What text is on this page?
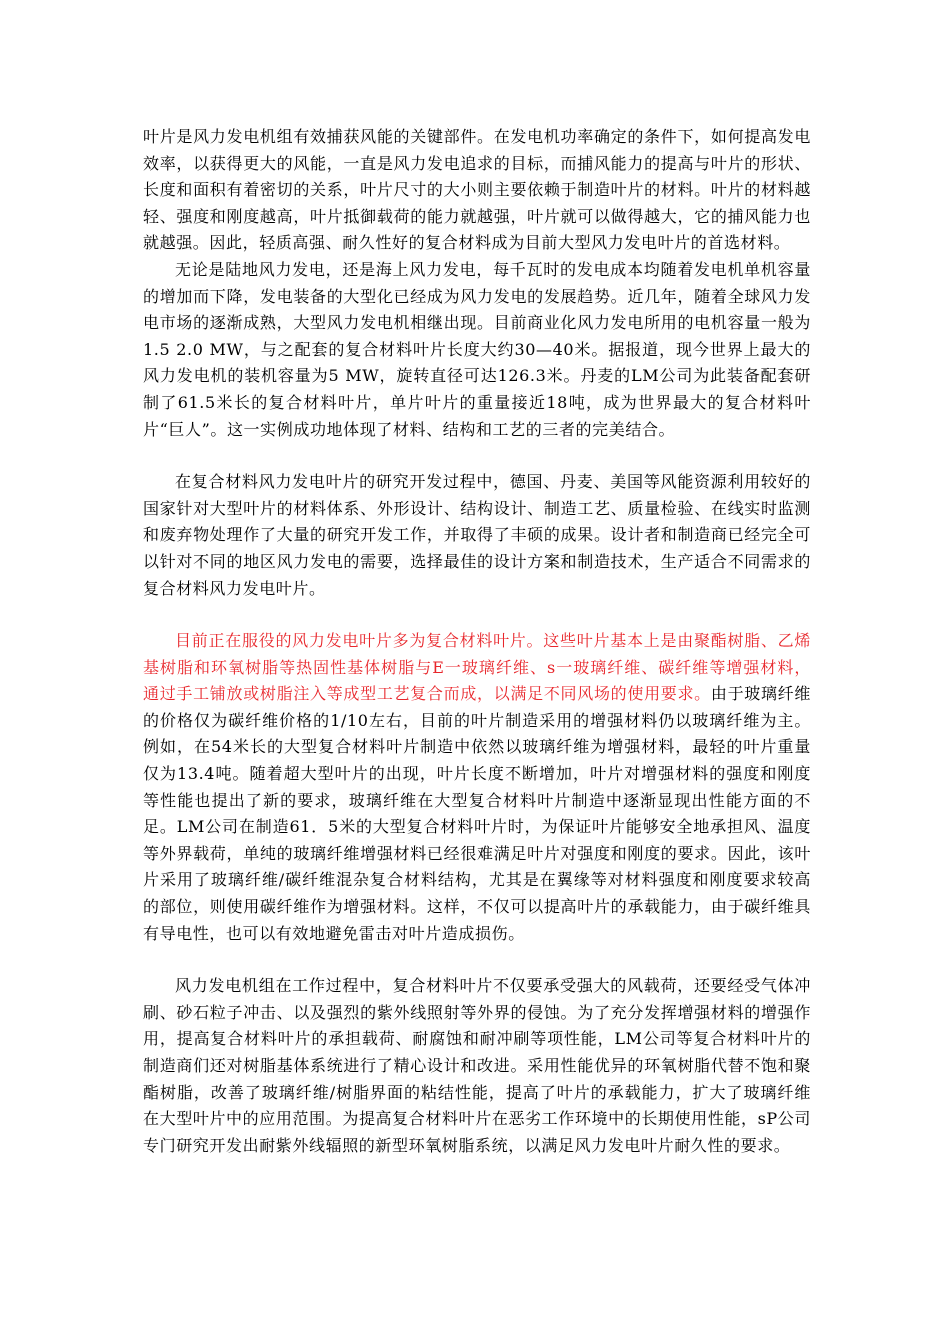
叶片是风力发电机组有效捕获风能的关键部件。在发电机功率确定的条件下，如何提高发电效率，以获得更大的风能，一直是风力发电追求的目标，而捕风能力的提高与叶片的形状、长度和面积有着密切的关系，叶片尺寸的大小则主要依赖于制造叶片的材料。叶片的材料越轻、强度和刚度越高，叶片抵御载荷的能力就越强，叶片就可以做得越大，它的捕风能力也就越强。因此，轻质高强、耐久性好的复合材料成为目前大型风力发电叶片的首选材料。

无论是陆地风力发电，还是海上风力发电，每千瓦时的发电成本均随着发电机单机容量的增加而下降，发电装备的大型化已经成为风力发电的发展趋势。近几年，随着全球风力发电市场的逐渐成熟，大型风力发电机相继出现。目前商业化风力发电所用的电机容量一般为1.5 2.0 MW，与之配套的复合材料叶片长度大约30—40米。据报道，现今世界上最大的风力发电机的装机容量为5 MW，旋转直径可达126.3米。丹麦的LM公司为此装备配套研制了61.5米长的复合材料叶片，单片叶片的重量接近18吨，成为世界最大的复合材料叶片“巨人”。这一实例成功地体现了材料、结构和工艺的三者的完美结合。

在复合材料风力发电叶片的研究开发过程中，德国、丹麦、美国等风能资源利用较好的国家针对大型叶片的材料体系、外形设计、结构设计、制造工艺、质量检验、在线实时监测和废弃物处理作了大量的研究开发工作，并取得了丰硕的成果。设计者和制造商已经完全可以针对不同的地区风力发电的需要，选择最佳的设计方案和制造技术，生产适合不同需求的复合材料风力发电叶片。

目前正在服役的风力发电叶片多为复合材料叶片。这些叶片基本上是由聚酯树脂、乙烯基树脂和环氧树脂等热固性基体树脂与E一玻璃纤维、s一玻璃纤维、碳纤维等增强材料，通过手工铺放或树脂注入等成型工艺复合而成，以满足不同风场的使用要求。由于玻璃纤维的价格仅为碳纤维价格的1/10左右，目前的叶片制造采用的增强材料仍以玻璃纤维为主。例如，在54米长的大型复合材料叶片制造中依然以玻璃纤维为增强材料，最轻的叶片重量仅为13.4吨。随着超大型叶片的出现，叶片长度不断增加，叶片对增强材料的强度和刚度等性能也提出了新的要求，玻璃纤维在大型复合材料叶片制造中逐渐显现出性能方面的不足。LM公司在制造61．5米的大型复合材料叶片时，为保证叶片能够安全地承担风、温度等外界载荷，单纯的玻璃纤维增强材料已经很难满足叶片对强度和刚度的要求。因此，该叶片采用了玻璃纤维/碳纤维混杂复合材料结构，尤其是在翼缘等对材料强度和刚度要求较高的部位，则使用碳纤维作为增强材料。这样，不仅可以提高叶片的承载能力，由于碳纤维具有导电性，也可以有效地避免雷击对叶片造成损伤。

风力发电机组在工作过程中，复合材料叶片不仅要承受强大的风载荷，还要经受气体冲刷、砂石粒子冲击、以及强烈的紫外线照射等外界的侵蚀。为了充分发挥增强材料的增强作用，提高复合材料叶片的承担载荷、耐腐蚀和耐冲刷等项性能，LM公司等复合材料叶片的制造商们还对树脂基体系统进行了精心设计和改进。采用性能优异的环氧树脂代替不饱和聚酯树脂，改善了玻璃纤维/树脂界面的粘结性能，提高了叶片的承载能力，扩大了玻璃纤维在大型叶片中的应用范围。为提高复合材料叶片在恶劣工作环境中的长期使用性能，sP公司专门研究开发出耐紫外线辐照的新型环氧树脂系统，以满足风力发电叶片耐久性的要求。
